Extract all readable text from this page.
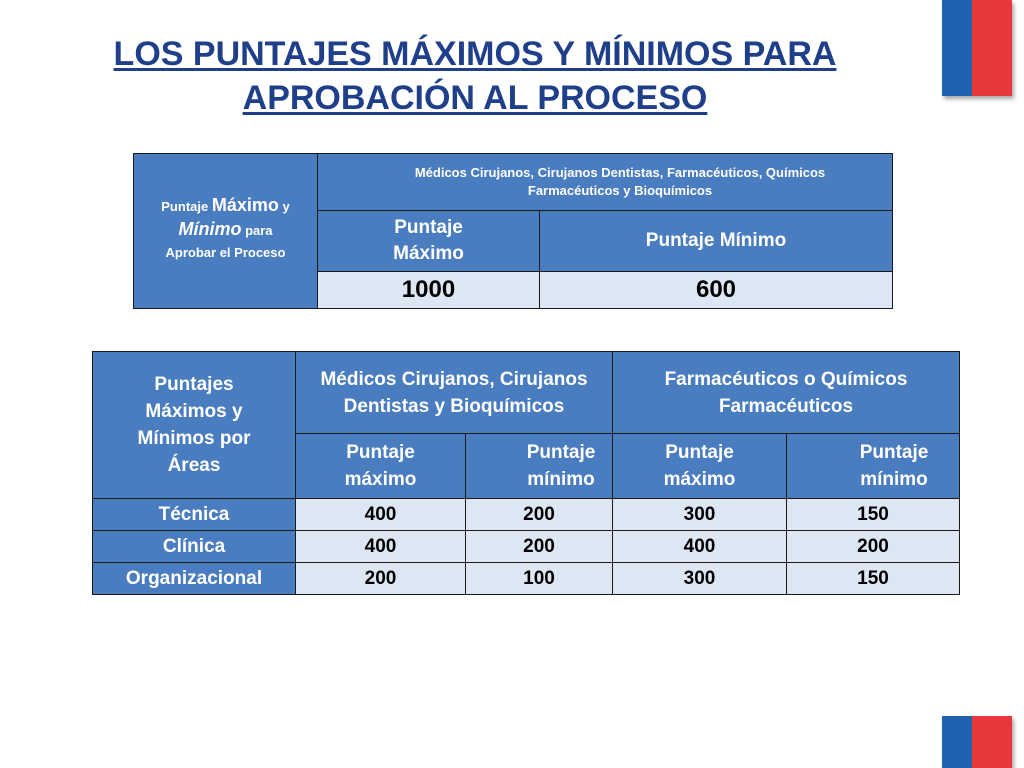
LOS PUNTAJES MÁXIMOS Y MÍNIMOS PARA
APROBACIÓN AL PROCESO
Puntaje Máximo y
Mínimo para
Aprobar el Proceso	Médicos Cirujanos, Cirujanos Dentistas, Farmacéuticos, Químicos Farmacéuticos y Bioquímicos	

	Puntaje Máximo	Puntaje Mínimo
	1000	600
Puntajes Máximos y Mínimos por Áreas	Médicos Cirujanos, Cirujanos Dentistas y Bioquímicos		Farmacéuticos o Químicos Farmacéuticos	

	Puntaje máximo	Puntaje mínimo	Puntaje máximo	Puntaje mínimo

Técnica	400	200	300	150
Clínica	400	200	400	200
Organizacional	200	100	300	150
